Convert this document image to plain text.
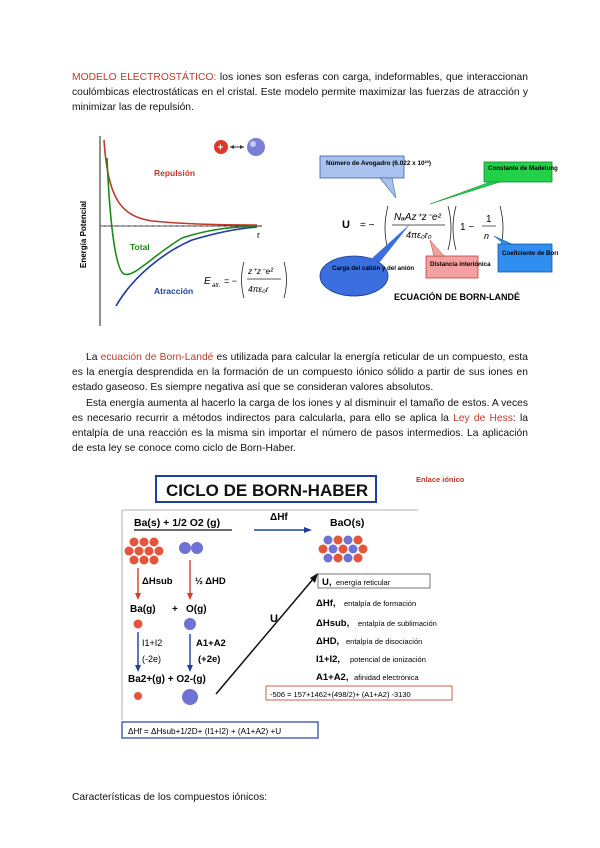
MODELO ELECTROSTÁTICO: los iones son esferas con carga, indeformables, que interaccionan coulómbicas electrostáticas en el cristal. Este modelo permite maximizar las fuerzas de atracción y minimizar las de repulsión.

Energía Potencial	r
Repulsión
Total
Atracción
E atr. = −
z⁺z⁻e²
4πε₀r
+
Número de Avogadro (6.022 x 10²³)
Constante de Madelung
U = −
NₐAz⁺z⁻e²
4πε₀r₀
1 −
1
n
Coeficiente de Born
Carga del catión y del anión
Distancia interiónica
ECUACIÓN DE BORN-LANDÉ

La ecuación de Born-Landé es utilizada para calcular la energía reticular de un compuesto, esta es la energía desprendida en la formación de un compuesto iónico sólido a partir de sus iones en estado gaseoso. Es siempre negativa así que se consideran valores absolutos.

Esta energía aumenta al hacerlo la carga de los iones y al disminuir el tamaño de estos. A veces es necesario recurrir a métodos indirectos para calcularla, para ello se aplica la Ley de Hess: la entalpía de una reacción es la misma sin importar el número de pasos intermedios. La aplicación de esta ley se conoce como ciclo de Born-Haber.

CICLO DE BORN-HABER
Enlace iónico
Ba(s) + 1/2 O2 (g)	ΔHf	BaO(s)
ΔHsub ½ ΔHD
Ba(g) + O(g)
I1+I2
(-2e)
A1+A2
(+2e)
Ba2+(g) + O2-(g)
U
U, energía reticular
ΔHf, entalpía de formación
ΔHsub, entalpía de sublimación
ΔHD, entalpía de disociación
I1+I2, potencial de ionización
A1+A2, afinidad electrónica
-506 = 157+1462+(498/2)+ (A1+A2) -3130
ΔHf = ΔHsub+1/2D+ (I1+I2) + (A1+A2) +U

Características de los compuestos iónicos:
